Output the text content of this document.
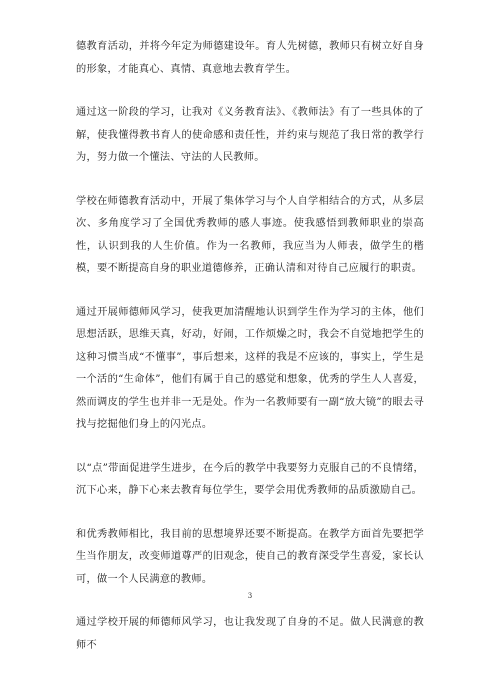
德教育活动，并将今年定为师德建设年。育人先树德，教师只有树立好自身的形象，才能真心、真情、真意地去教育学生。

通过这一阶段的学习，让我对《义务教育法》、《教师法》有了一些具体的了解，使我懂得教书育人的使命感和责任性，并约束与规范了我日常的教学行为，努力做一个懂法、守法的人民教师。

学校在师德教育活动中，开展了集体学习与个人自学相结合的方式，从多层次、多角度学习了全国优秀教师的感人事迹。使我感悟到教师职业的崇高性，认识到我的人生价值。作为一名教师，我应当为人师表，做学生的楷模，要不断提高自身的职业道德修养，正确认清和对待自己应履行的职责。

通过开展师德师风学习，使我更加清醒地认识到学生作为学习的主体，他们思想活跃，思维天真，好动，好闹，工作烦燥之时，我会不自觉地把学生的这种习惯当成“不懂事”，事后想来，这样的我是不应该的，事实上，学生是一个活的“生命体”，他们有属于自己的感觉和想象，优秀的学生人人喜爱，然而调皮的学生也并非一无是处。作为一名教师要有一副“放大镜”的眼去寻找与挖掘他们身上的闪光点。

以“点”带面促进学生进步，在今后的教学中我要努力克服自己的不良情绪，沉下心来，静下心来去教育每位学生，要学会用优秀教师的品质激励自己。

和优秀教师相比，我目前的思想境界还要不断提高。在教学方面首先要把学生当作朋友，改变师道尊严的旧观念，使自己的教育深受学生喜爱，家长认可，做一个人民满意的教师。

通过学校开展的师德师风学习，也让我发现了自身的不足。做人民满意的教师不

3
